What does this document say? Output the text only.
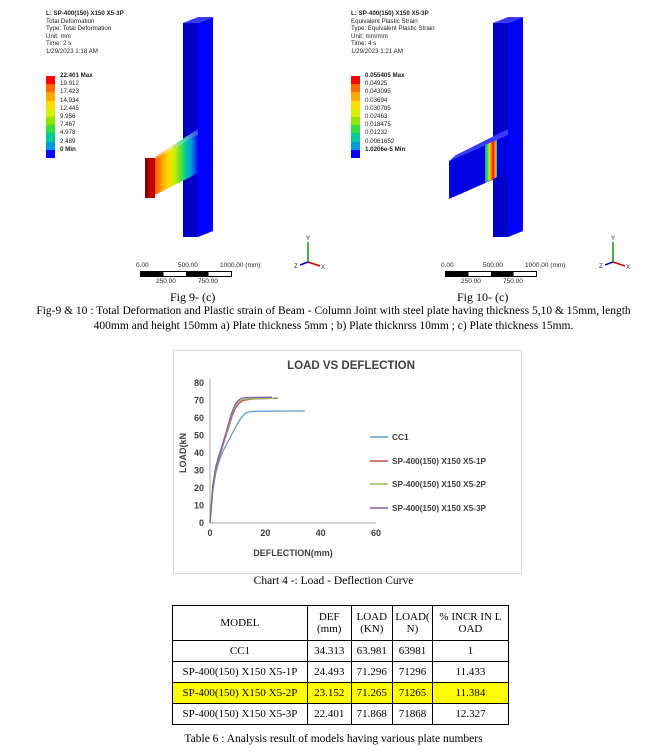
L: SP-400(150) X150 X5-3P
Total Deformation
Type: Total Deformation
Unit: mm
Time: 2 s
1/29/2023 1:18 AM
22.401 Max
19.912
17.423
14.934
12.445
9.956
7.467
4.978
2.489
0 Min
0.00	500.00	1000.00 (mm)
250.00	750.00
Y
X
Z
Fig 9- (c)
L: SP-400(150) X150 X5-3P
Equivalent Plastic Strain
Type: Equivalent Plastic Strain
Unit: mm/mm
Time: 4 s
1/29/2023 1:21 AM
0.055405 Max
0.04925
0.043095
0.03694
0.030785
0.02463
0.018475
0.01232
0.0061652
1.0206e-5 Min
0.00	500.00	1000.00 (mm)
250.00	750.00
Y
X
Z
Fig 10- (c)
Fig-9 & 10 : Total Deformation and Plastic strain of Beam - Column Joint with steel plate having thickness 5,10 & 15mm, length
400mm and height 150mm a) Plate thickness 5mm ; b) Plate thicknrss 10mm ; c) Plate thickness 15mm.
LOAD VS DEFLECTION
0
10
20
30
40
50
60
70
80
0	20	40	60
DEFLECTION(mm)
LOAD(kN	CC1
SP-400(150) X150 X5-1P
SP-400(150) X150 X5-2P
SP-400(150) X150 X5-3P
Chart 4 -: Load - Deflection Curve
MODEL	DEF (mm)	LOAD (KN)	LOAD( N)	% INCR IN L OAD
CC1	34.313	63.981	63981	1
SP-400(150) X150 X5-1P	24.493	71.296	71296	11.433
SP-400(150) X150 X5-2P	23.152	71.265	71265	11.384
SP-400(150) X150 X5-3P	22.401	71.868	71868	12.327
Table 6 : Analysis result of models having various plate numbers
